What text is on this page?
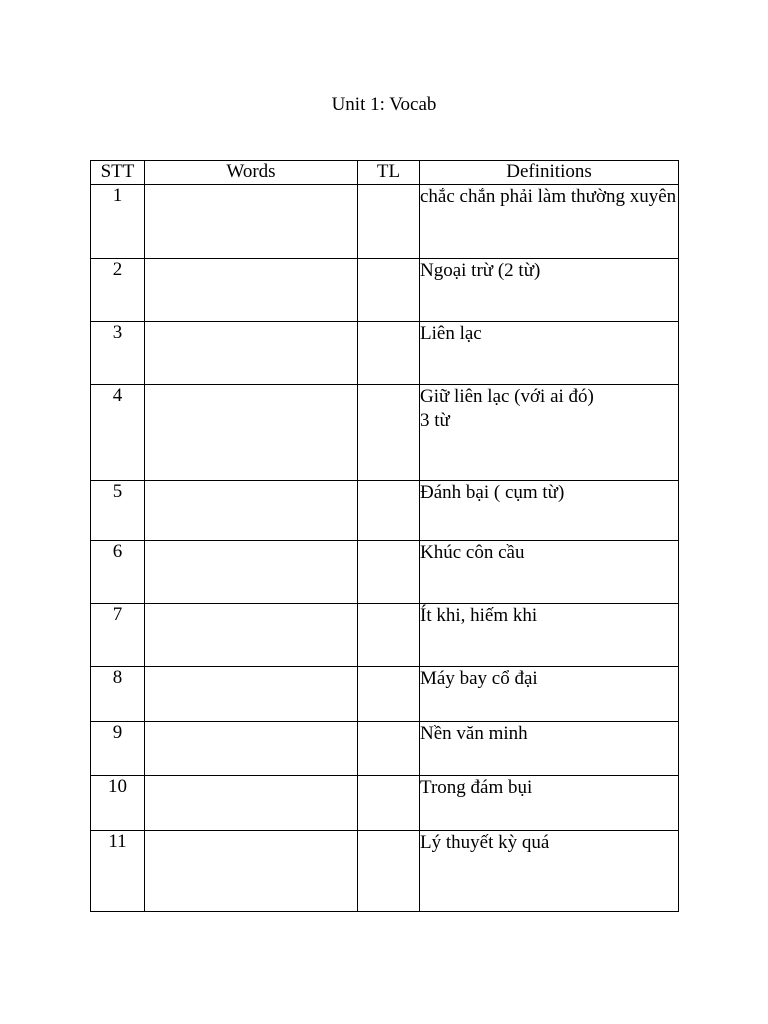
Unit 1: Vocab
STT	Words	TL	Definitions
1			chắc chắn phải làm thường xuyên
2			Ngoại trừ (2 từ)
3			Liên lạc
4			Giữ liên lạc (với ai đó)
3 từ
5			Đánh bại ( cụm từ)
6			Khúc côn cầu
7			Ít khi, hiếm khi
8			Máy bay cổ đại
9			Nền văn minh
10			Trong đám bụi
11			Lý thuyết kỳ quá
